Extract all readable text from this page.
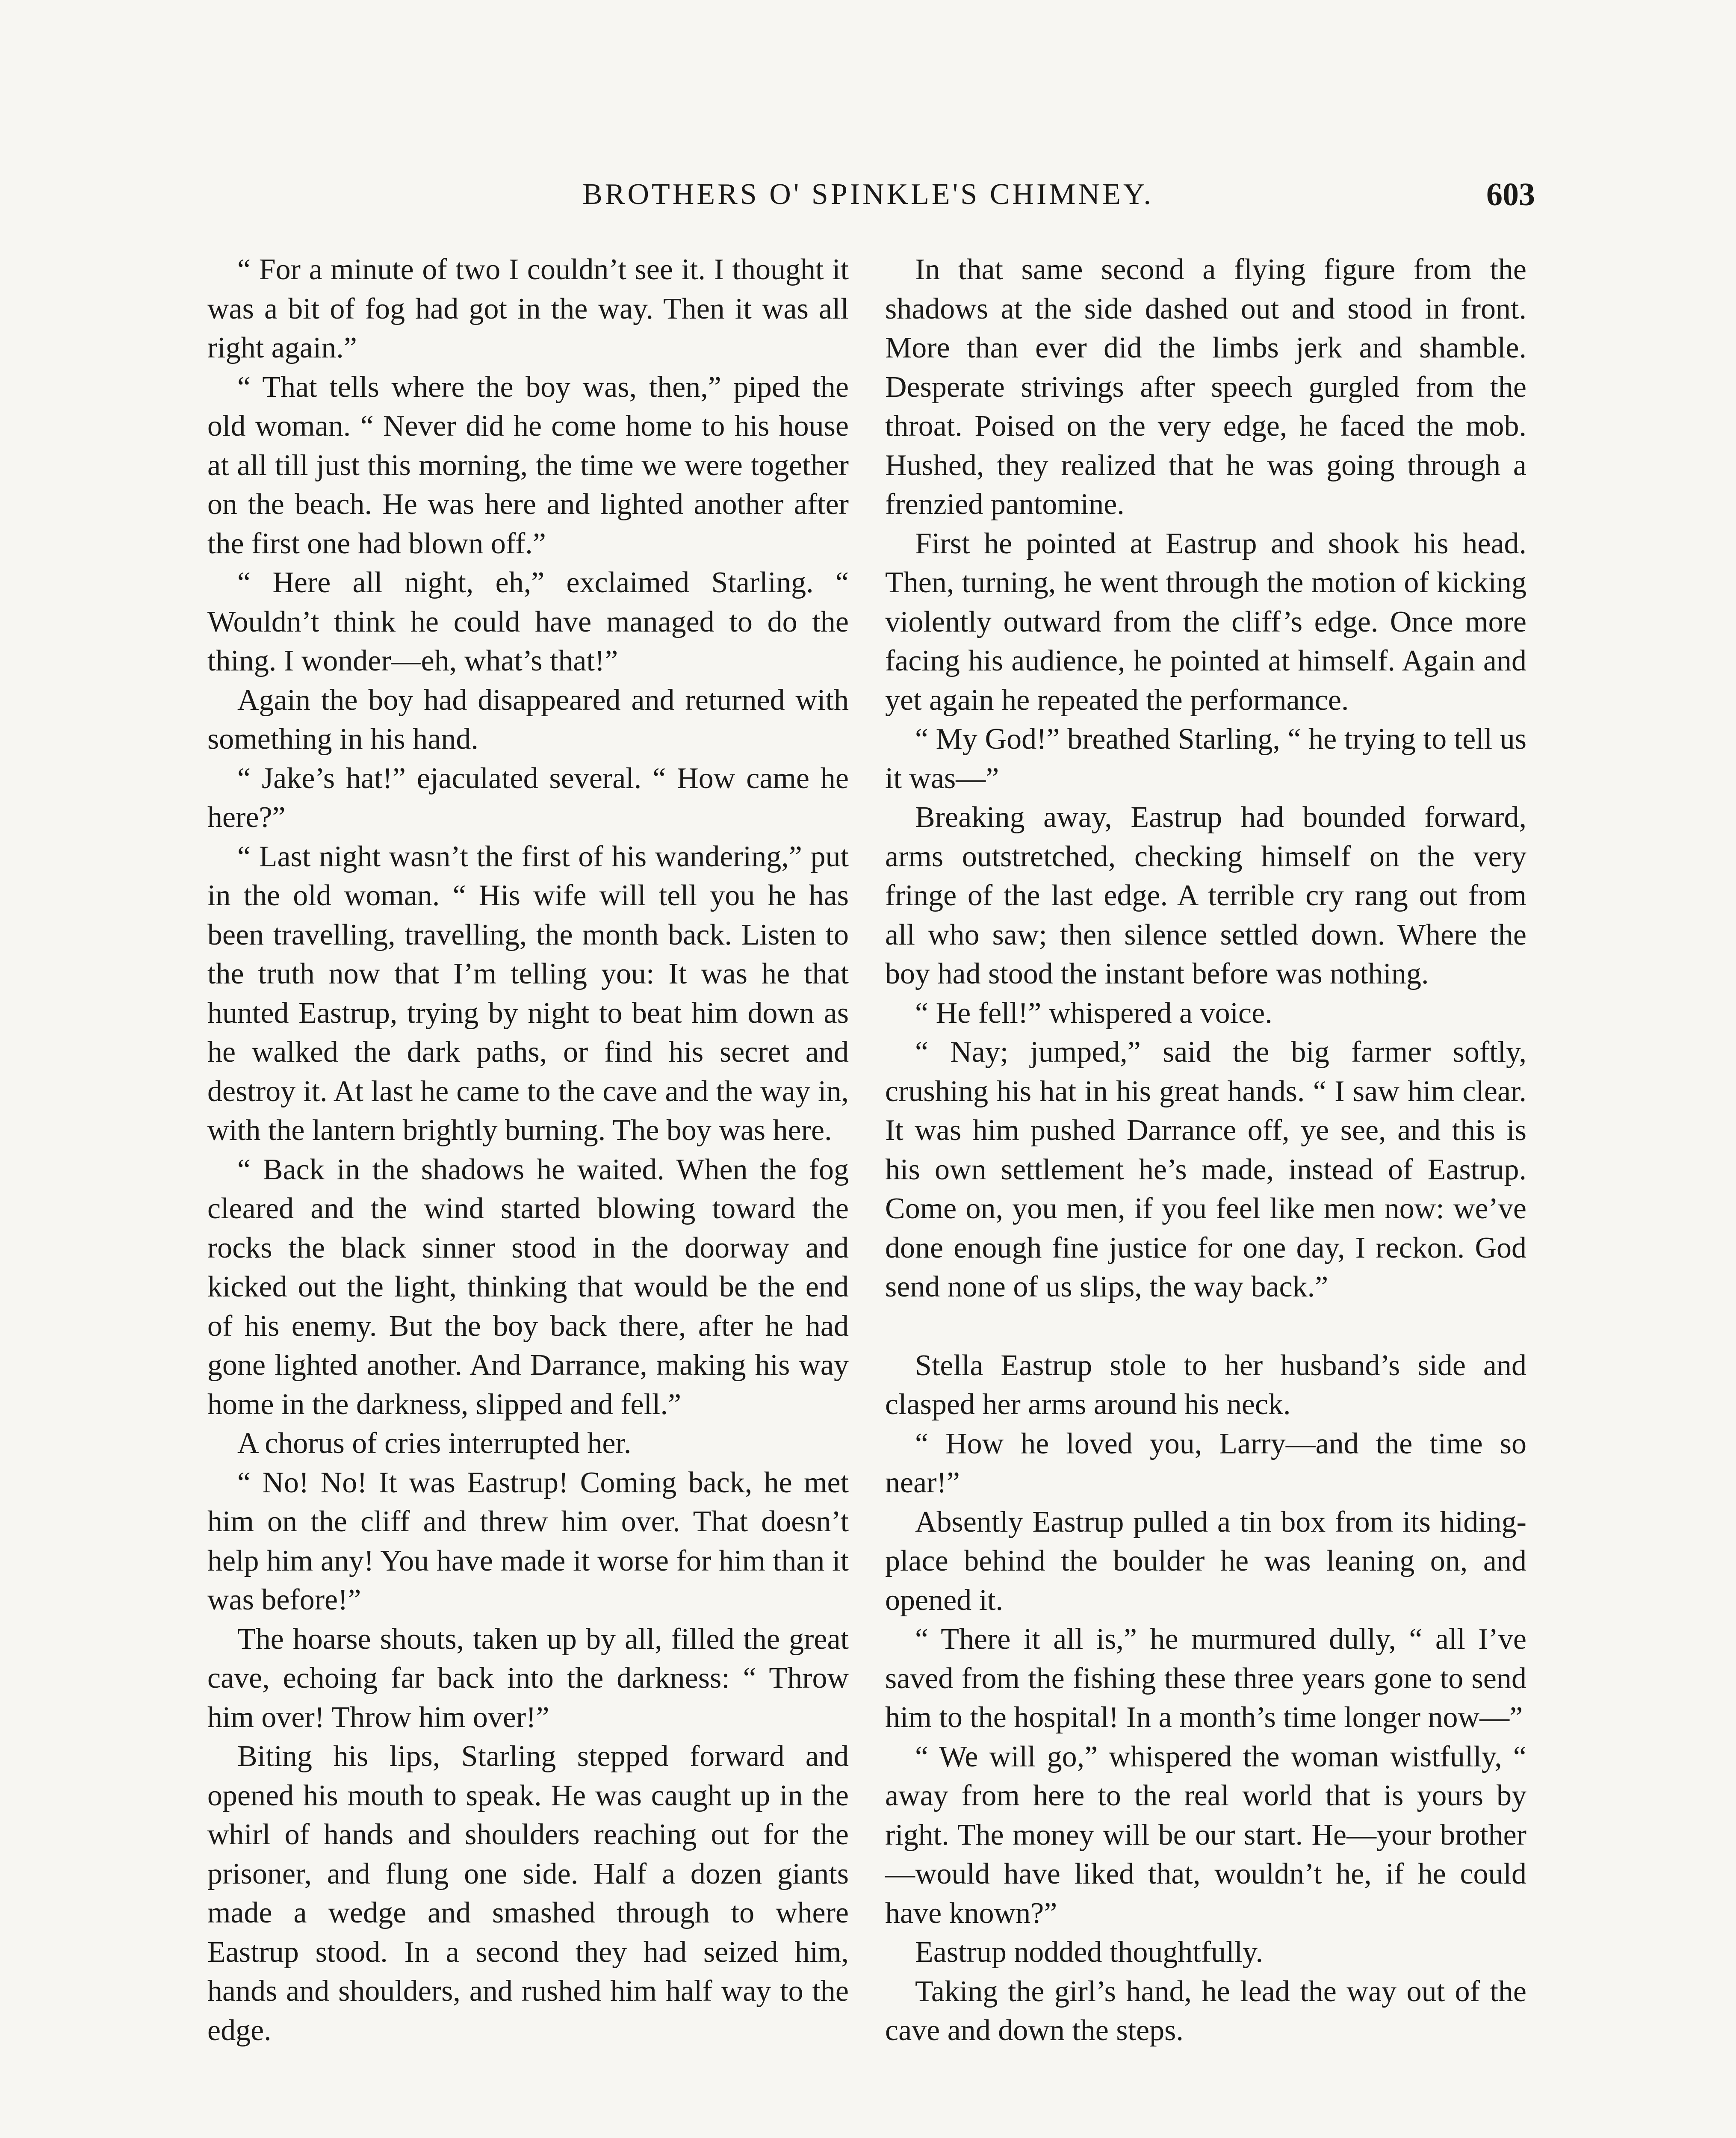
BROTHERS O' SPINKLE'S CHIMNEY.	603

“ For a minute of two I couldn’t see it. I thought it was a bit of fog had got in the way. Then it was all right again.”

“ That tells where the boy was, then,” piped the old woman. “ Never did he come home to his house at all till just this morning, the time we were together on the beach. He was here and lighted another after the first one had blown off.”

“ Here all night, eh,” exclaimed Starling. “ Wouldn’t think he could have managed to do the thing. I wonder—eh, what’s that!”

Again the boy had disappeared and returned with something in his hand.

“ Jake’s hat!” ejaculated several. “ How came he here?”

“ Last night wasn’t the first of his wandering,” put in the old woman. “ His wife will tell you he has been travelling, travelling, the month back. Listen to the truth now that I’m telling you: It was he that hunted Eastrup, trying by night to beat him down as he walked the dark paths, or find his secret and destroy it. At last he came to the cave and the way in, with the lantern brightly burning. The boy was here.

“ Back in the shadows he waited. When the fog cleared and the wind started blowing toward the rocks the black sinner stood in the doorway and kicked out the light, thinking that would be the end of his enemy. But the boy back there, after he had gone lighted another. And Darrance, making his way home in the darkness, slipped and fell.”

A chorus of cries interrupted her.

“ No! No! It was Eastrup! Coming back, he met him on the cliff and threw him over. That doesn’t help him any! You have made it worse for him than it was before!”

The hoarse shouts, taken up by all, filled the great cave, echoing far back into the darkness: “ Throw him over! Throw him over!”

Biting his lips, Starling stepped forward and opened his mouth to speak. He was caught up in the whirl of hands and shoulders reaching out for the prisoner, and flung one side. Half a dozen giants made a wedge and smashed through to where Eastrup stood. In a second they had seized him, hands and shoulders, and rushed him half way to the edge.

In that same second a flying figure from the shadows at the side dashed out and stood in front. More than ever did the limbs jerk and shamble. Desperate strivings after speech gurgled from the throat. Poised on the very edge, he faced the mob. Hushed, they realized that he was going through a frenzied pantomine.

First he pointed at Eastrup and shook his head. Then, turning, he went through the motion of kicking violently outward from the cliff’s edge. Once more facing his audience, he pointed at himself. Again and yet again he repeated the performance.

“ My God!” breathed Starling, “ he trying to tell us it was—”

Breaking away, Eastrup had bounded forward, arms outstretched, checking himself on the very fringe of the last edge. A terrible cry rang out from all who saw; then silence settled down. Where the boy had stood the instant before was nothing.

“ He fell!” whispered a voice.

“ Nay; jumped,” said the big farmer softly, crushing his hat in his great hands. “ I saw him clear. It was him pushed Darrance off, ye see, and this is his own settlement he’s made, instead of Eastrup. Come on, you men, if you feel like men now: we’ve done enough fine justice for one day, I reckon. God send none of us slips, the way back.”

Stella Eastrup stole to her husband’s side and clasped her arms around his neck.

“ How he loved you, Larry—and the time so near!”

Absently Eastrup pulled a tin box from its hiding-place behind the boulder he was leaning on, and opened it.

“ There it all is,” he murmured dully, “ all I’ve saved from the fishing these three years gone to send him to the hospital! In a month’s time longer now—”

“ We will go,” whispered the woman wistfully, “ away from here to the real world that is yours by right. The money will be our start. He—your brother—would have liked that, wouldn’t he, if he could have known?”

Eastrup nodded thoughtfully.

Taking the girl’s hand, he lead the way out of the cave and down the steps.
